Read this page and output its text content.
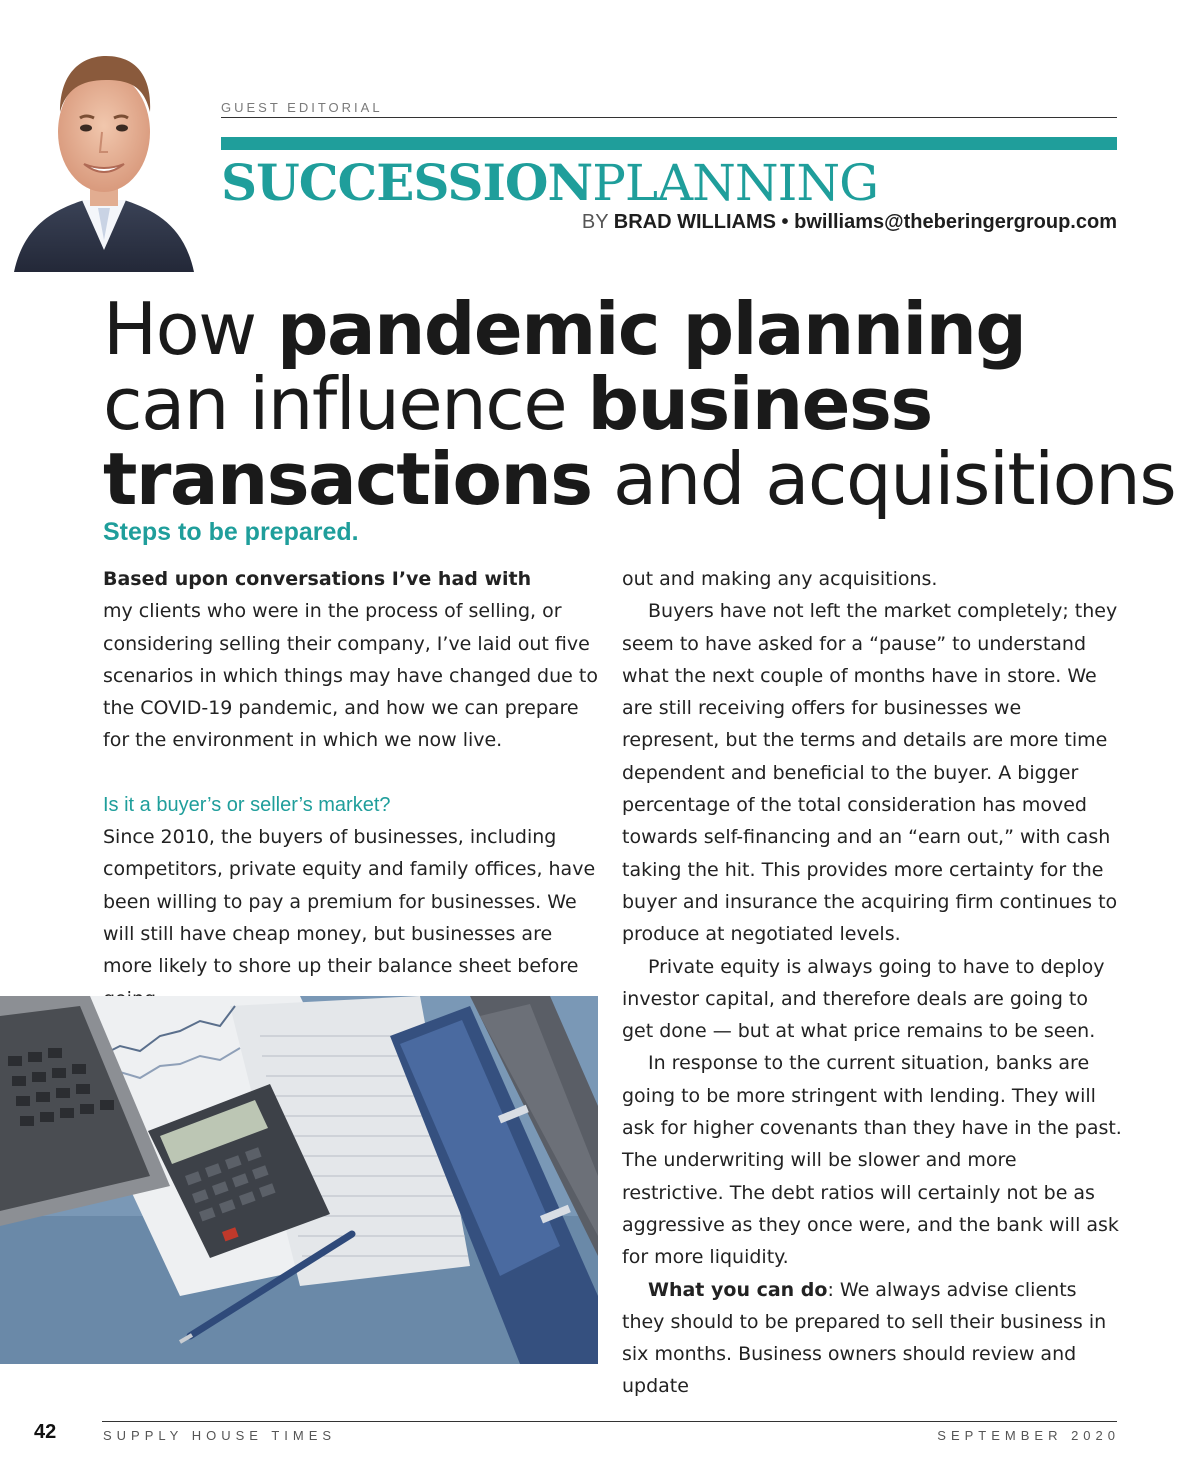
GUEST EDITORIAL
SUCCESSIONPLANNING
BY BRAD WILLIAMS • bwilliams@theberingergroup.com
How pandemic planning
can influence business
transactions and acquisitions
Steps to be prepared.

Based upon conversations I’ve had with
my clients who were in the process of selling, or considering selling their company, I’ve laid out five scenarios in which things may have changed due to the COVID-19 pandemic, and how we can prepare for the environment in which we now live.

Is it a buyer’s or seller’s market?

Since 2010, the buyers of businesses, including competitors, private equity and family offices, have been willing to pay a premium for businesses. We will still have cheap money, but businesses are more likely to shore up their balance sheet before

out and making any acquisitions.

Buyers have not left the market completely; they seem to have asked for a “pause” to understand what the next couple of months have in store. We are still receiving offers for businesses we represent, but the terms and details are more time dependent and beneficial to the buyer. A bigger percentage of the total consideration has moved towards self-financing and an “earn out,” with cash taking the hit. This provides more certainty for the buyer and insurance the acquiring firm continues to produce at negotiated levels.

Private equity is always going to have to deploy investor capital, and therefore deals are going to get done — but at what price remains to be seen.

In response to the current situation, banks are going to be more stringent with lending. They will ask for higher covenants than they have in the past. The underwriting will be slower and more restrictive. The debt ratios will certainly not be as aggressive as they once were, and the bank will ask for more liquidity.

What you can do: We always advise clients they should to be prepared to sell their business in six months. Business owners should review and update

42	SUPPLY HOUSE TIMES	SEPTEMBER 2020
